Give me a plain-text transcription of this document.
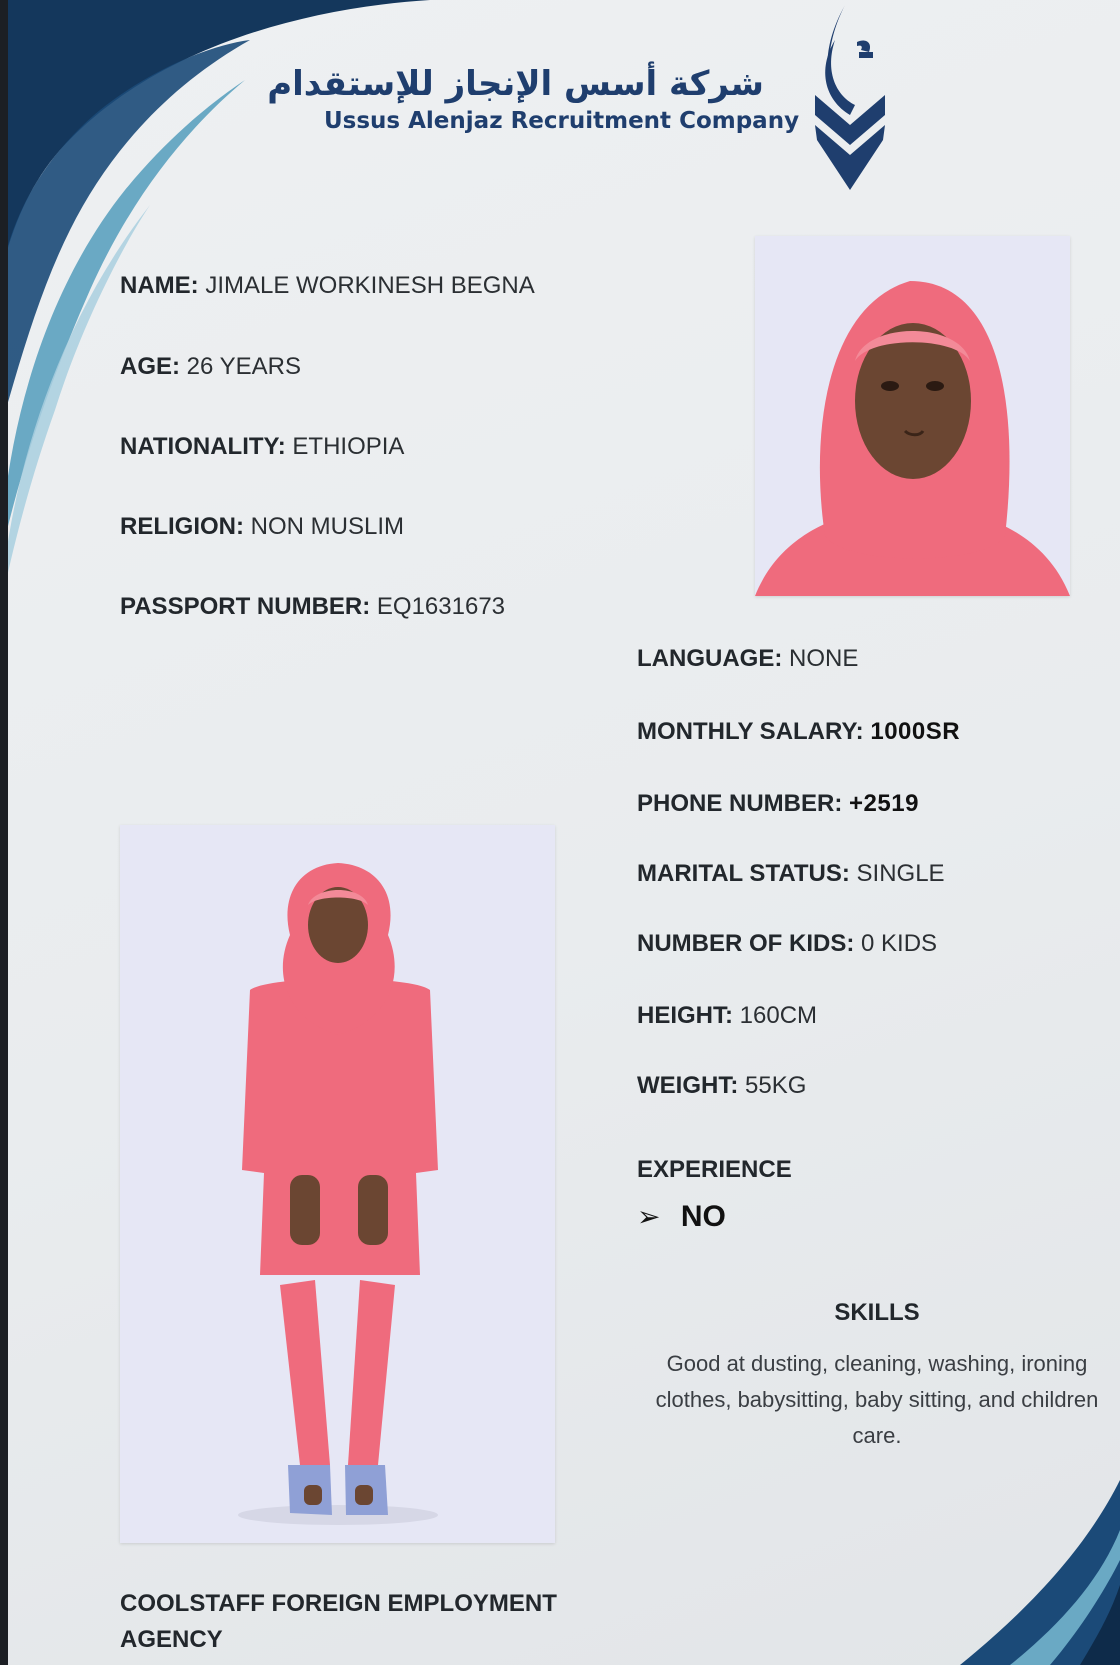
شركة أسس الإنجاز للإستقدام
Ussus Alenjaz Recruitment Company
NAME: JIMALE WORKINESH BEGNA
AGE: 26 YEARS
NATIONALITY: ETHIOPIA
RELIGION: NON MUSLIM
PASSPORT NUMBER: EQ1631673
LANGUAGE: NONE
MONTHLY SALARY: 1000SR
PHONE NUMBER: +2519
MARITAL STATUS: SINGLE
NUMBER OF KIDS: 0 KIDS
HEIGHT: 160CM
WEIGHT: 55KG
EXPERIENCE
➢ NO
SKILLS
Good at dusting, cleaning, washing, ironing clothes, babysitting, baby sitting, and children care.
COOLSTAFF FOREIGN EMPLOYMENT AGENCY
